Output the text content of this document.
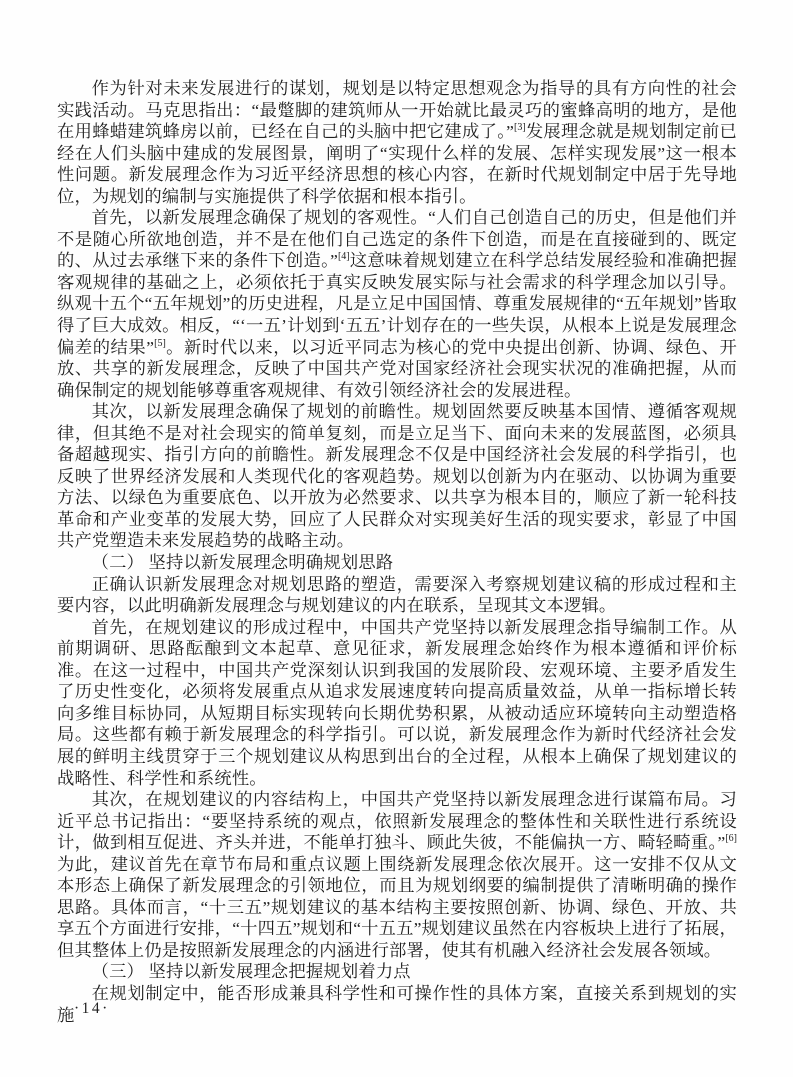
作为针对未来发展进行的谋划，规划是以特定思想观念为指导的具有方向性的社会实践活动。马克思指出：“最蹩脚的建筑师从一开始就比最灵巧的蜜蜂高明的地方，是他在用蜂蜡建筑蜂房以前，已经在自己的头脑中把它建成了。”[3]发展理念就是规划制定前已经在人们头脑中建成的发展图景，阐明了“实现什么样的发展、怎样实现发展”这一根本性问题。新发展理念作为习近平经济思想的核心内容，在新时代规划制定中居于先导地位，为规划的编制与实施提供了科学依据和根本指引。

首先，以新发展理念确保了规划的客观性。“人们自己创造自己的历史，但是他们并不是随心所欲地创造，并不是在他们自己选定的条件下创造，而是在直接碰到的、既定的、从过去承继下来的条件下创造。”[4]这意味着规划建立在科学总结发展经验和准确把握客观规律的基础之上，必须依托于真实反映发展实际与社会需求的科学理念加以引导。纵观十五个“五年规划”的历史进程，凡是立足中国国情、尊重发展规律的“五年规划”皆取得了巨大成效。相反，“‘一五’计划到‘五五’计划存在的一些失误，从根本上说是发展理念偏差的结果”[5]。新时代以来，以习近平同志为核心的党中央提出创新、协调、绿色、开放、共享的新发展理念，反映了中国共产党对国家经济社会现实状况的准确把握，从而确保制定的规划能够尊重客观规律、有效引领经济社会的发展进程。

其次，以新发展理念确保了规划的前瞻性。规划固然要反映基本国情、遵循客观规律，但其绝不是对社会现实的简单复刻，而是立足当下、面向未来的发展蓝图，必须具备超越现实、指引方向的前瞻性。新发展理念不仅是中国经济社会发展的科学指引，也反映了世界经济发展和人类现代化的客观趋势。规划以创新为内在驱动、以协调为重要方法、以绿色为重要底色、以开放为必然要求、以共享为根本目的，顺应了新一轮科技革命和产业变革的发展大势，回应了人民群众对实现美好生活的现实要求，彰显了中国共产党塑造未来发展趋势的战略主动。

（二） 坚持以新发展理念明确规划思路

正确认识新发展理念对规划思路的塑造，需要深入考察规划建议稿的形成过程和主要内容，以此明确新发展理念与规划建议的内在联系，呈现其文本逻辑。

首先，在规划建议的形成过程中，中国共产党坚持以新发展理念指导编制工作。从前期调研、思路酝酿到文本起草、意见征求，新发展理念始终作为根本遵循和评价标准。在这一过程中，中国共产党深刻认识到我国的发展阶段、宏观环境、主要矛盾发生了历史性变化，必须将发展重点从追求发展速度转向提高质量效益，从单一指标增长转向多维目标协同，从短期目标实现转向长期优势积累，从被动适应环境转向主动塑造格局。这些都有赖于新发展理念的科学指引。可以说，新发展理念作为新时代经济社会发展的鲜明主线贯穿于三个规划建议从构思到出台的全过程，从根本上确保了规划建议的战略性、科学性和系统性。

其次，在规划建议的内容结构上，中国共产党坚持以新发展理念进行谋篇布局。习近平总书记指出：“要坚持系统的观点，依照新发展理念的整体性和关联性进行系统设计，做到相互促进、齐头并进，不能单打独斗、顾此失彼，不能偏执一方、畸轻畸重。”[6]为此，建议首先在章节布局和重点议题上围绕新发展理念依次展开。这一安排不仅从文本形态上确保了新发展理念的引领地位，而且为规划纲要的编制提供了清晰明确的操作思路。具体而言，“十三五”规划建议的基本结构主要按照创新、协调、绿色、开放、共享五个方面进行安排，“十四五”规划和“十五五”规划建议虽然在内容板块上进行了拓展，但其整体上仍是按照新发展理念的内涵进行部署，使其有机融入经济社会发展各领域。

（三） 坚持以新发展理念把握规划着力点

在规划制定中，能否形成兼具科学性和可操作性的具体方案，直接关系到规划的实施 ·14·
